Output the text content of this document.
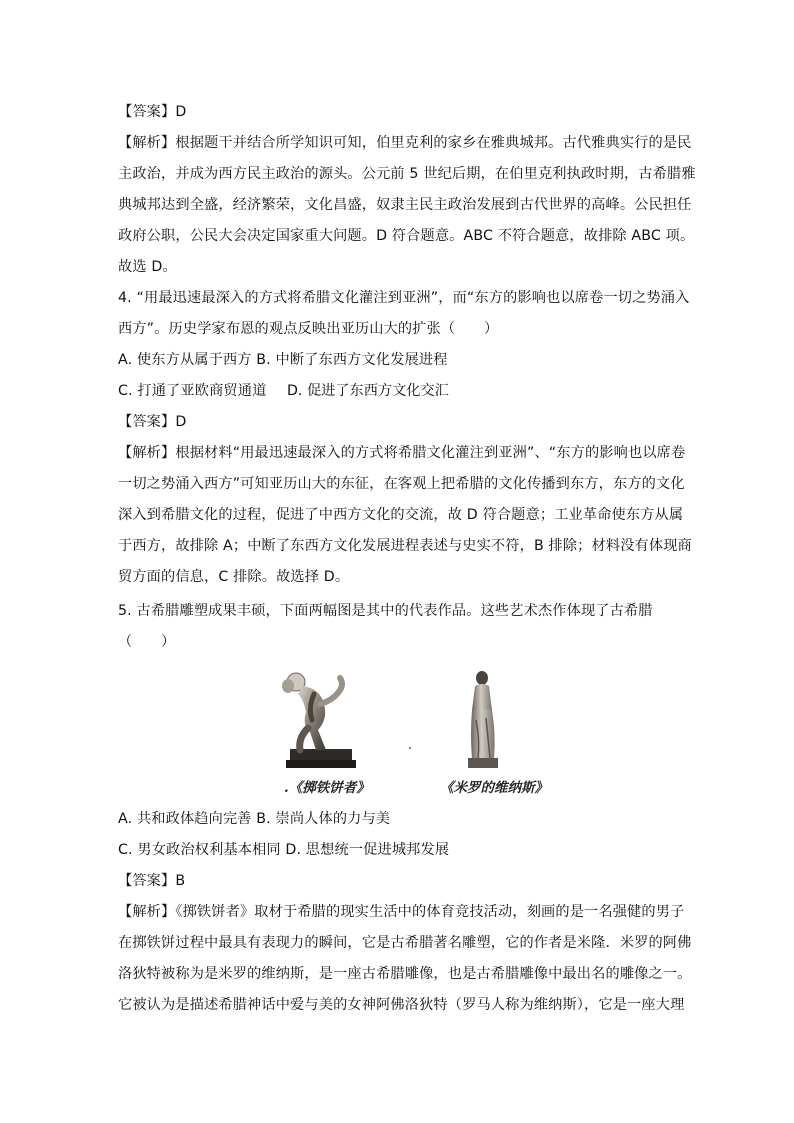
【答案】D
【解析】根据题干并结合所学知识可知，伯里克利的家乡在雅典城邦。古代雅典实行的是民
主政治，并成为西方民主政治的源头。公元前 5 世纪后期，在伯里克利执政时期，古希腊雅
典城邦达到全盛，经济繁荣，文化昌盛，奴隶主民主政治发展到古代世界的高峰。公民担任
政府公职，公民大会决定国家重大问题。D 符合题意。ABC 不符合题意，故排除 ABC 项。
故选 D。
4. “用最迅速最深入的方式将希腊文化灌注到亚洲”，而“东方的影响也以席卷一切之势涌入
西方”。历史学家布恩的观点反映出亚历山大的扩张（　　）
A. 使东方从属于西方 B. 中断了东西方文化发展进程
C. 打通了亚欧商贸通道 D. 促进了东西方文化交汇
【答案】D
【解析】根据材料“用最迅速最深入的方式将希腊文化灌注到亚洲”、“东方的影响也以席卷
一切之势涌入西方”可知亚历山大的东征，在客观上把希腊的文化传播到东方，东方的文化
深入到希腊文化的过程，促进了中西方文化的交流，故 D 符合题意；工业革命使东方从属
于西方，故排除 A；中断了东西方文化发展进程表述与史实不符，B 排除；材料没有体现商
贸方面的信息，C 排除。故选择 D。
5. 古希腊雕塑成果丰硕，下面两幅图是其中的代表作品。这些艺术杰作体现了古希腊
（　　）
.《掷铁饼者》	《米罗的维纳斯》
A. 共和政体趋向完善 B. 崇尚人体的力与美
C. 男女政治权利基本相同 D. 思想统一促进城邦发展
【答案】B
【解析】《掷铁饼者》取材于希腊的现实生活中的体育竞技活动，刻画的是一名强健的男子
在掷铁饼过程中最具有表现力的瞬间，它是古希腊著名雕塑，它的作者是米隆．米罗的阿佛
洛狄特被称为是米罗的维纳斯，是一座古希腊雕像，也是古希腊雕像中最出名的雕像之一。
它被认为是描述希腊神话中爱与美的女神阿佛洛狄特（罗马人称为维纳斯），它是一座大理
